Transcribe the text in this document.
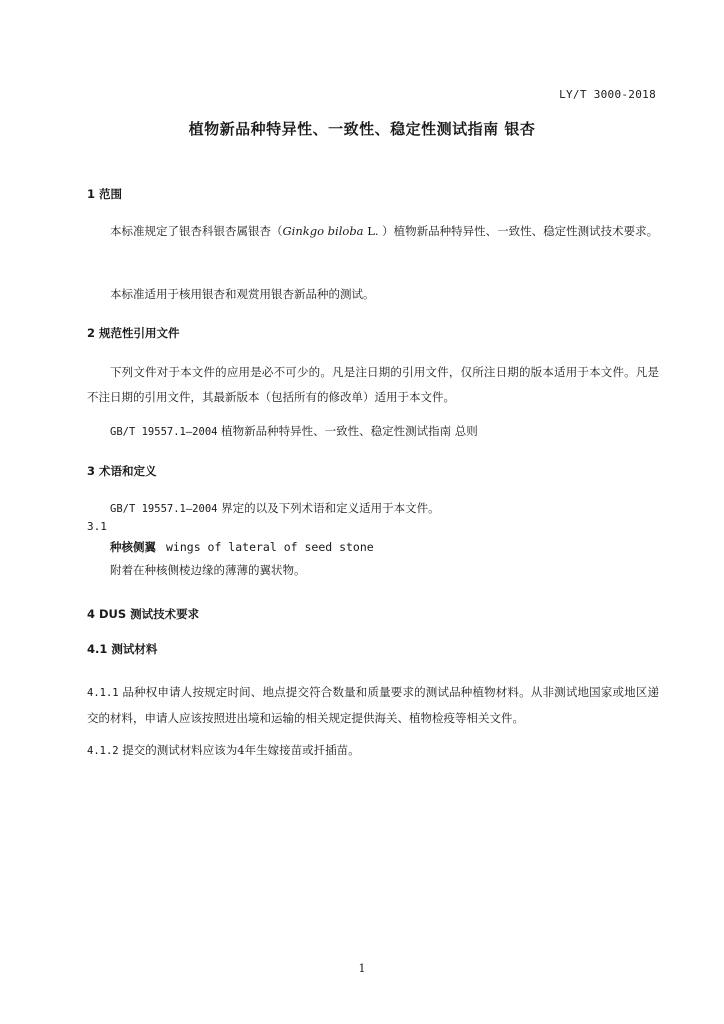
LY/T 3000-2018
植物新品种特异性、一致性、稳定性测试指南 银杏
1 范围

本标准规定了银杏科银杏属银杏（Ginkgo biloba L. ）植物新品种特异性、一致性、稳定性测试技术要求。

本标准适用于核用银杏和观赏用银杏新品种的测试。

2 规范性引用文件

下列文件对于本文件的应用是必不可少的。凡是注日期的引用文件，仅所注日期的版本适用于本文件。凡是不注日期的引用文件，其最新版本（包括所有的修改单）适用于本文件。

GB/T 19557.1—2004 植物新品种特异性、一致性、稳定性测试指南 总则

3 术语和定义

GB/T 19557.1—2004 界定的以及下列术语和定义适用于本文件。

3.1
种核侧翼 wings of lateral of seed stone
附着在种核侧棱边缘的薄薄的翼状物。
4 DUS 测试技术要求
4.1 测试材料

4.1.1 品种权申请人按规定时间、地点提交符合数量和质量要求的测试品种植物材料。从非测试地国家或地区递交的材料，申请人应该按照进出境和运输的相关规定提供海关、植物检疫等相关文件。

4.1.2 提交的测试材料应该为4年生嫁接苗或扦插苗。

1
